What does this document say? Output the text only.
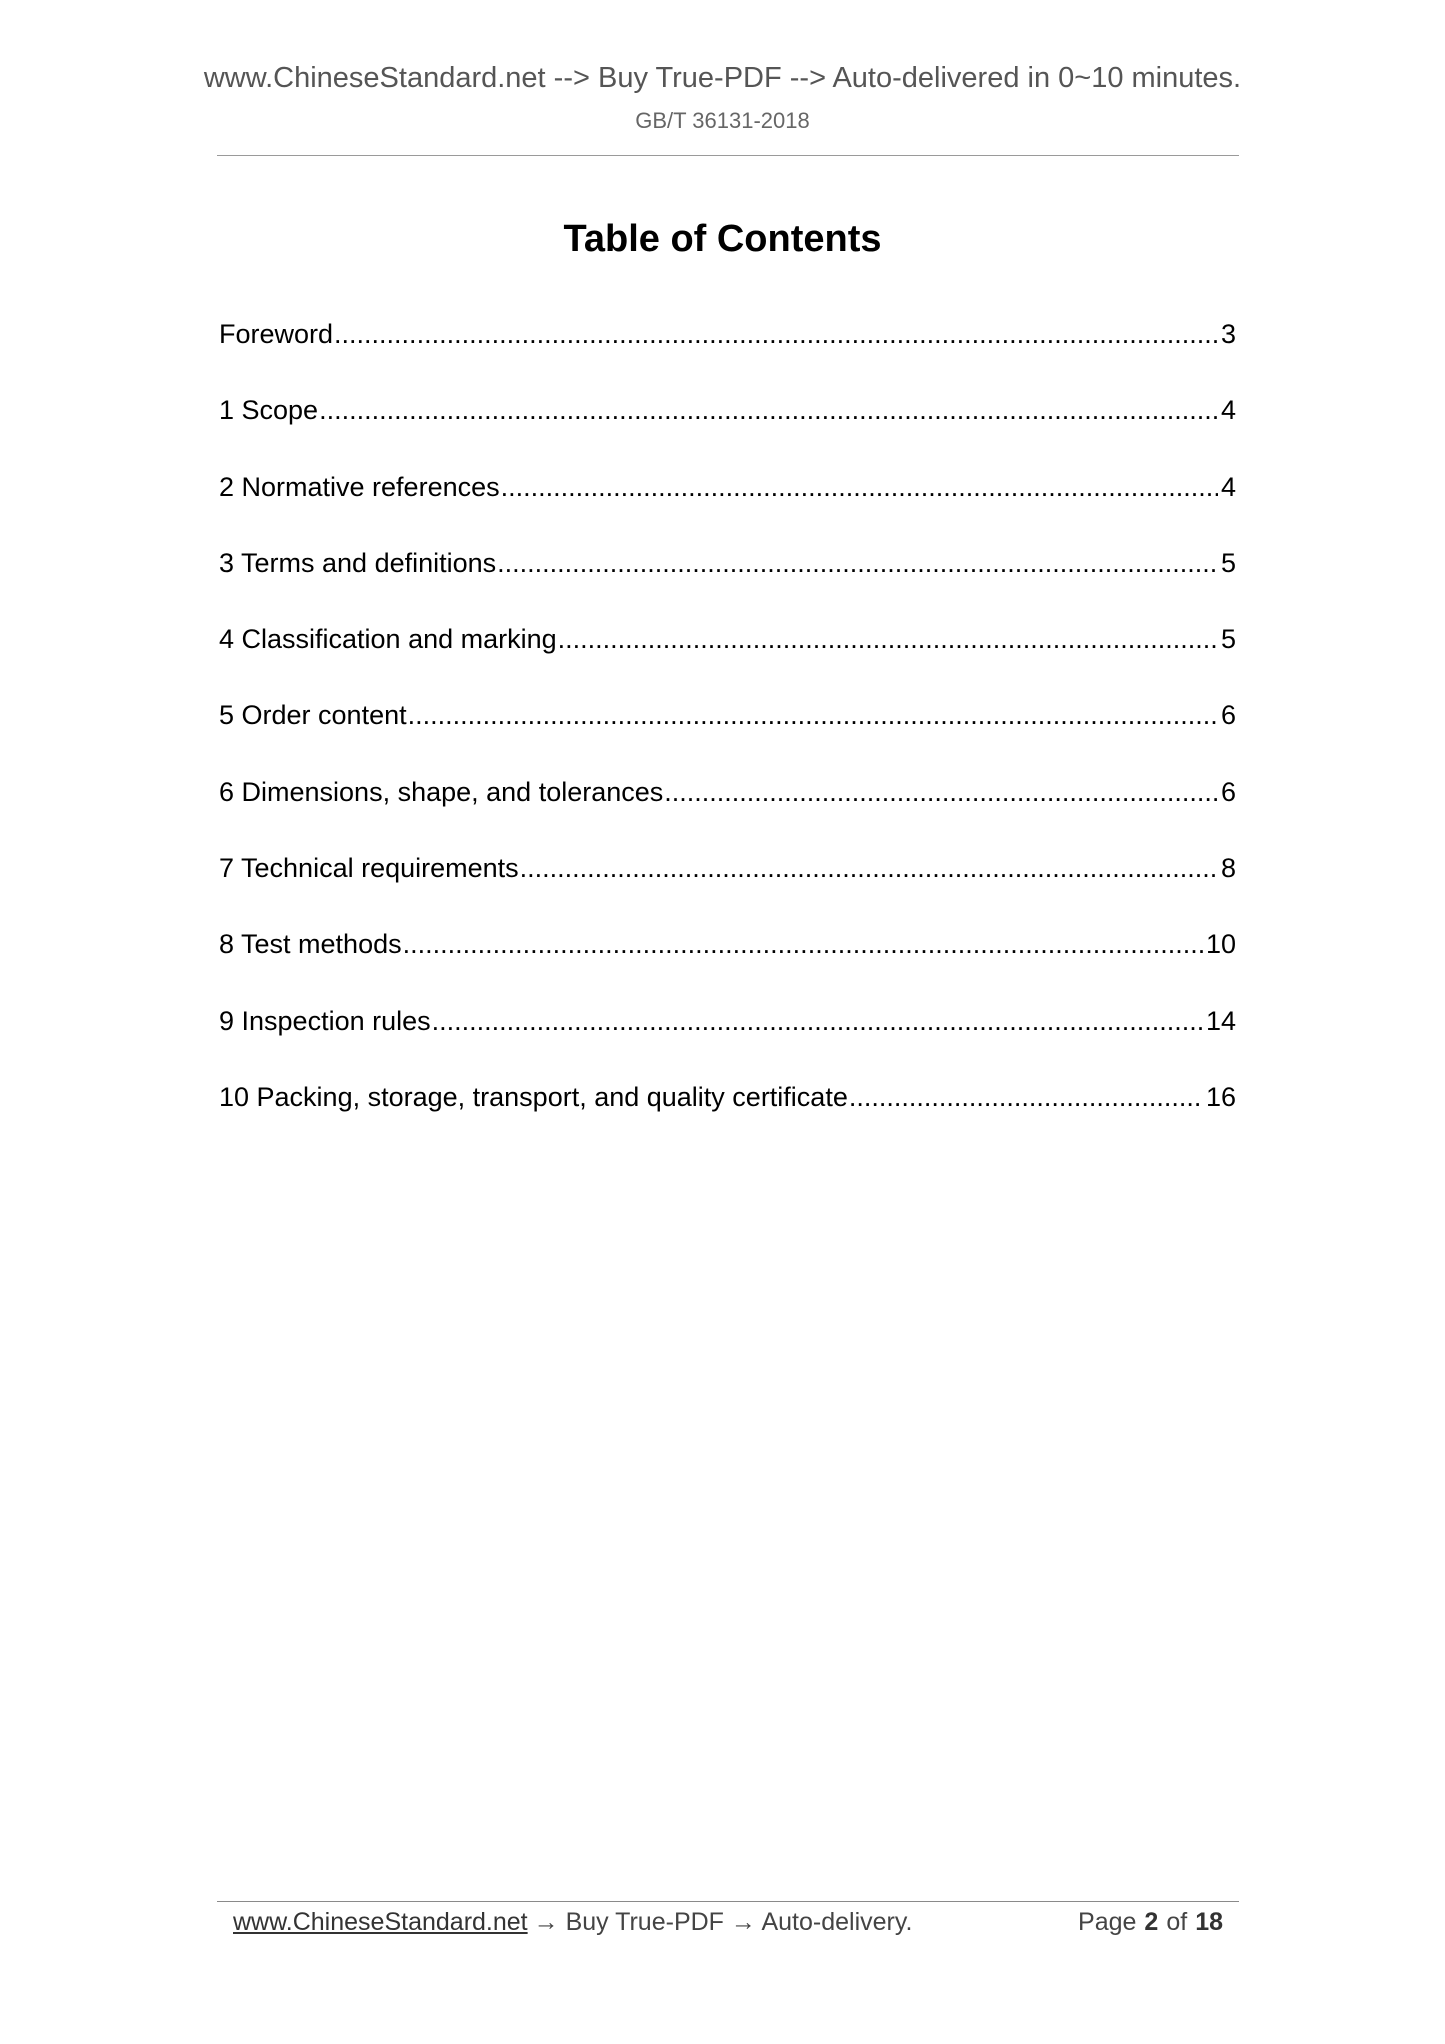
www.ChineseStandard.net --> Buy True-PDF --> Auto-delivered in 0~10 minutes.
GB/T 36131-2018
Table of Contents
Foreword .....	3
1 Scope .....	4
2 Normative references .....	4
3 Terms and definitions .....	5
4 Classification and marking .....	5
5 Order content .....	6
6 Dimensions, shape, and tolerances .....	6
7 Technical requirements .....	8
8 Test methods .....	10
9 Inspection rules .....	14
10 Packing, storage, transport, and quality certificate .....	16
www.ChineseStandard.net → Buy True-PDF → Auto-delivery.	Page 2 of 18
